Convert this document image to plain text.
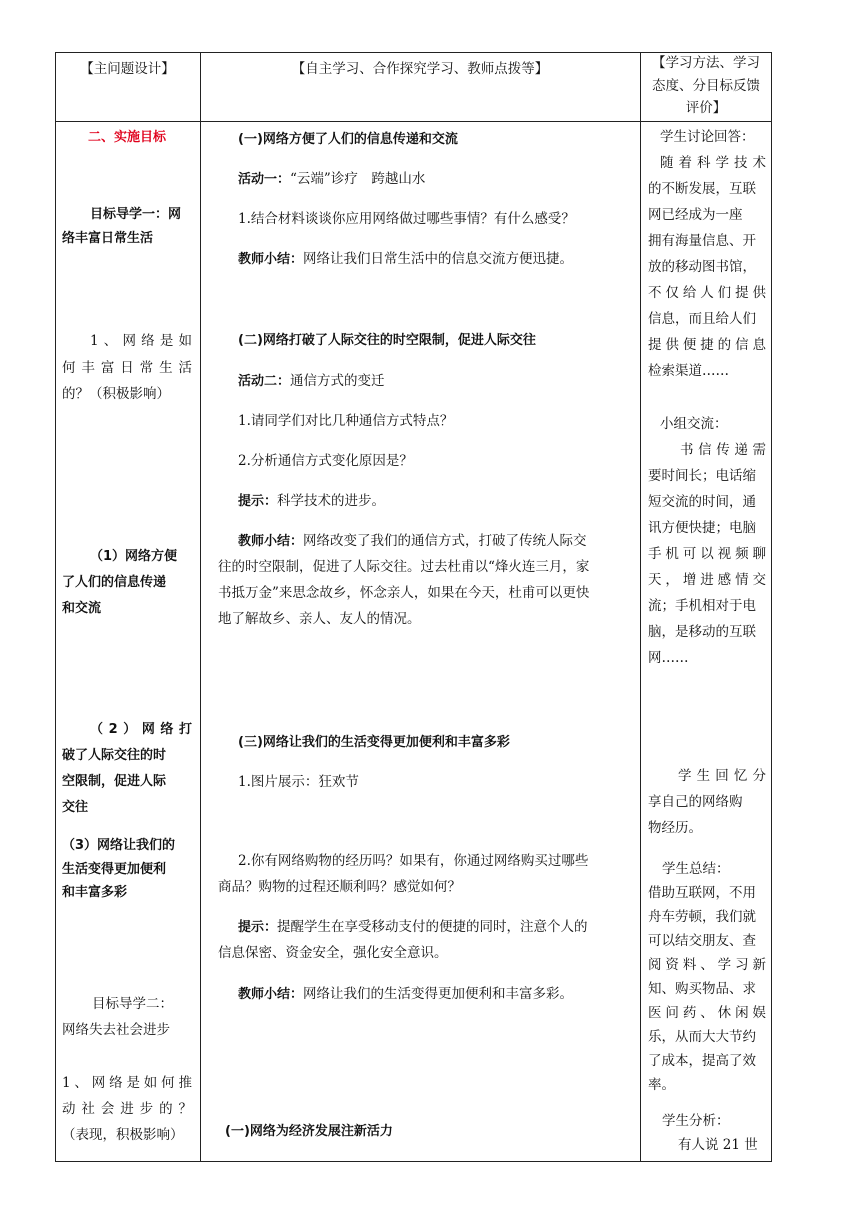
【主问题设计】	【自主学习、合作探究学习、教师点拨等】	【学习方法、学习
态度、分目标反馈
评价】
二、实施目标
目标导学一：网
络丰富日常生活
1、网络是如
何丰富日常生活
的？（积极影响）
（1）网络方便
了人们的信息传递
和交流
（2）网络打
破了人际交往的时
空限制，促进人际
交往
（3）网络让我们的
生活变得更加便利
和丰富多彩
目标导学二：
网络失去社会进步
1、网络是如何推
动社会进步的？
（表现，积极影响）
(一)网络方便了人们的信息传递和交流
活动一：“云端”诊疗　跨越山水
1.结合材料谈谈你应用网络做过哪些事情？有什么感受？
教师小结：网络让我们日常生活中的信息交流方便迅捷。
(二)网络打破了人际交往的时空限制，促进人际交往
活动二：通信方式的变迁
1.请同学们对比几种通信方式特点？
2.分析通信方式变化原因是？
提示：科学技术的进步。
教师小结：网络改变了我们的通信方式，打破了传统人际交
往的时空限制，促进了人际交往。过去杜甫以“烽火连三月，家
书抵万金”来思念故乡，怀念亲人，如果在今天，杜甫可以更快
地了解故乡、亲人、友人的情况。
(三)网络让我们的生活变得更加便利和丰富多彩
1.图片展示：狂欢节
2.你有网络购物的经历吗？如果有，你通过网络购买过哪些
商品？购物的过程还顺利吗？感觉如何？
提示：提醒学生在享受移动支付的便捷的同时，注意个人的
信息保密、资金安全，强化安全意识。
教师小结：网络让我们的生活变得更加便利和丰富多彩。
(一)网络为经济发展注新活力
学生讨论回答：
随着科学技术
的不断发展，互联
网已经成为一座
拥有海量信息、开
放的移动图书馆，
不仅给人们提供
信息，而且给人们
提供便捷的信息
检索渠道……
小组交流：
书信传递需
要时间长；电话缩
短交流的时间，通
讯方便快捷；电脑
手机可以视频聊
天，增进感情交
流；手机相对于电
脑，是移动的互联
网……
学生回忆分
享自己的网络购
物经历。
学生总结：
借助互联网，不用
舟车劳顿，我们就
可以结交朋友、查
阅资料、学习新
知、购买物品、求
医问药、休闲娱
乐，从而大大节约
了成本，提高了效
率。
学生分析：
有人说 21 世
